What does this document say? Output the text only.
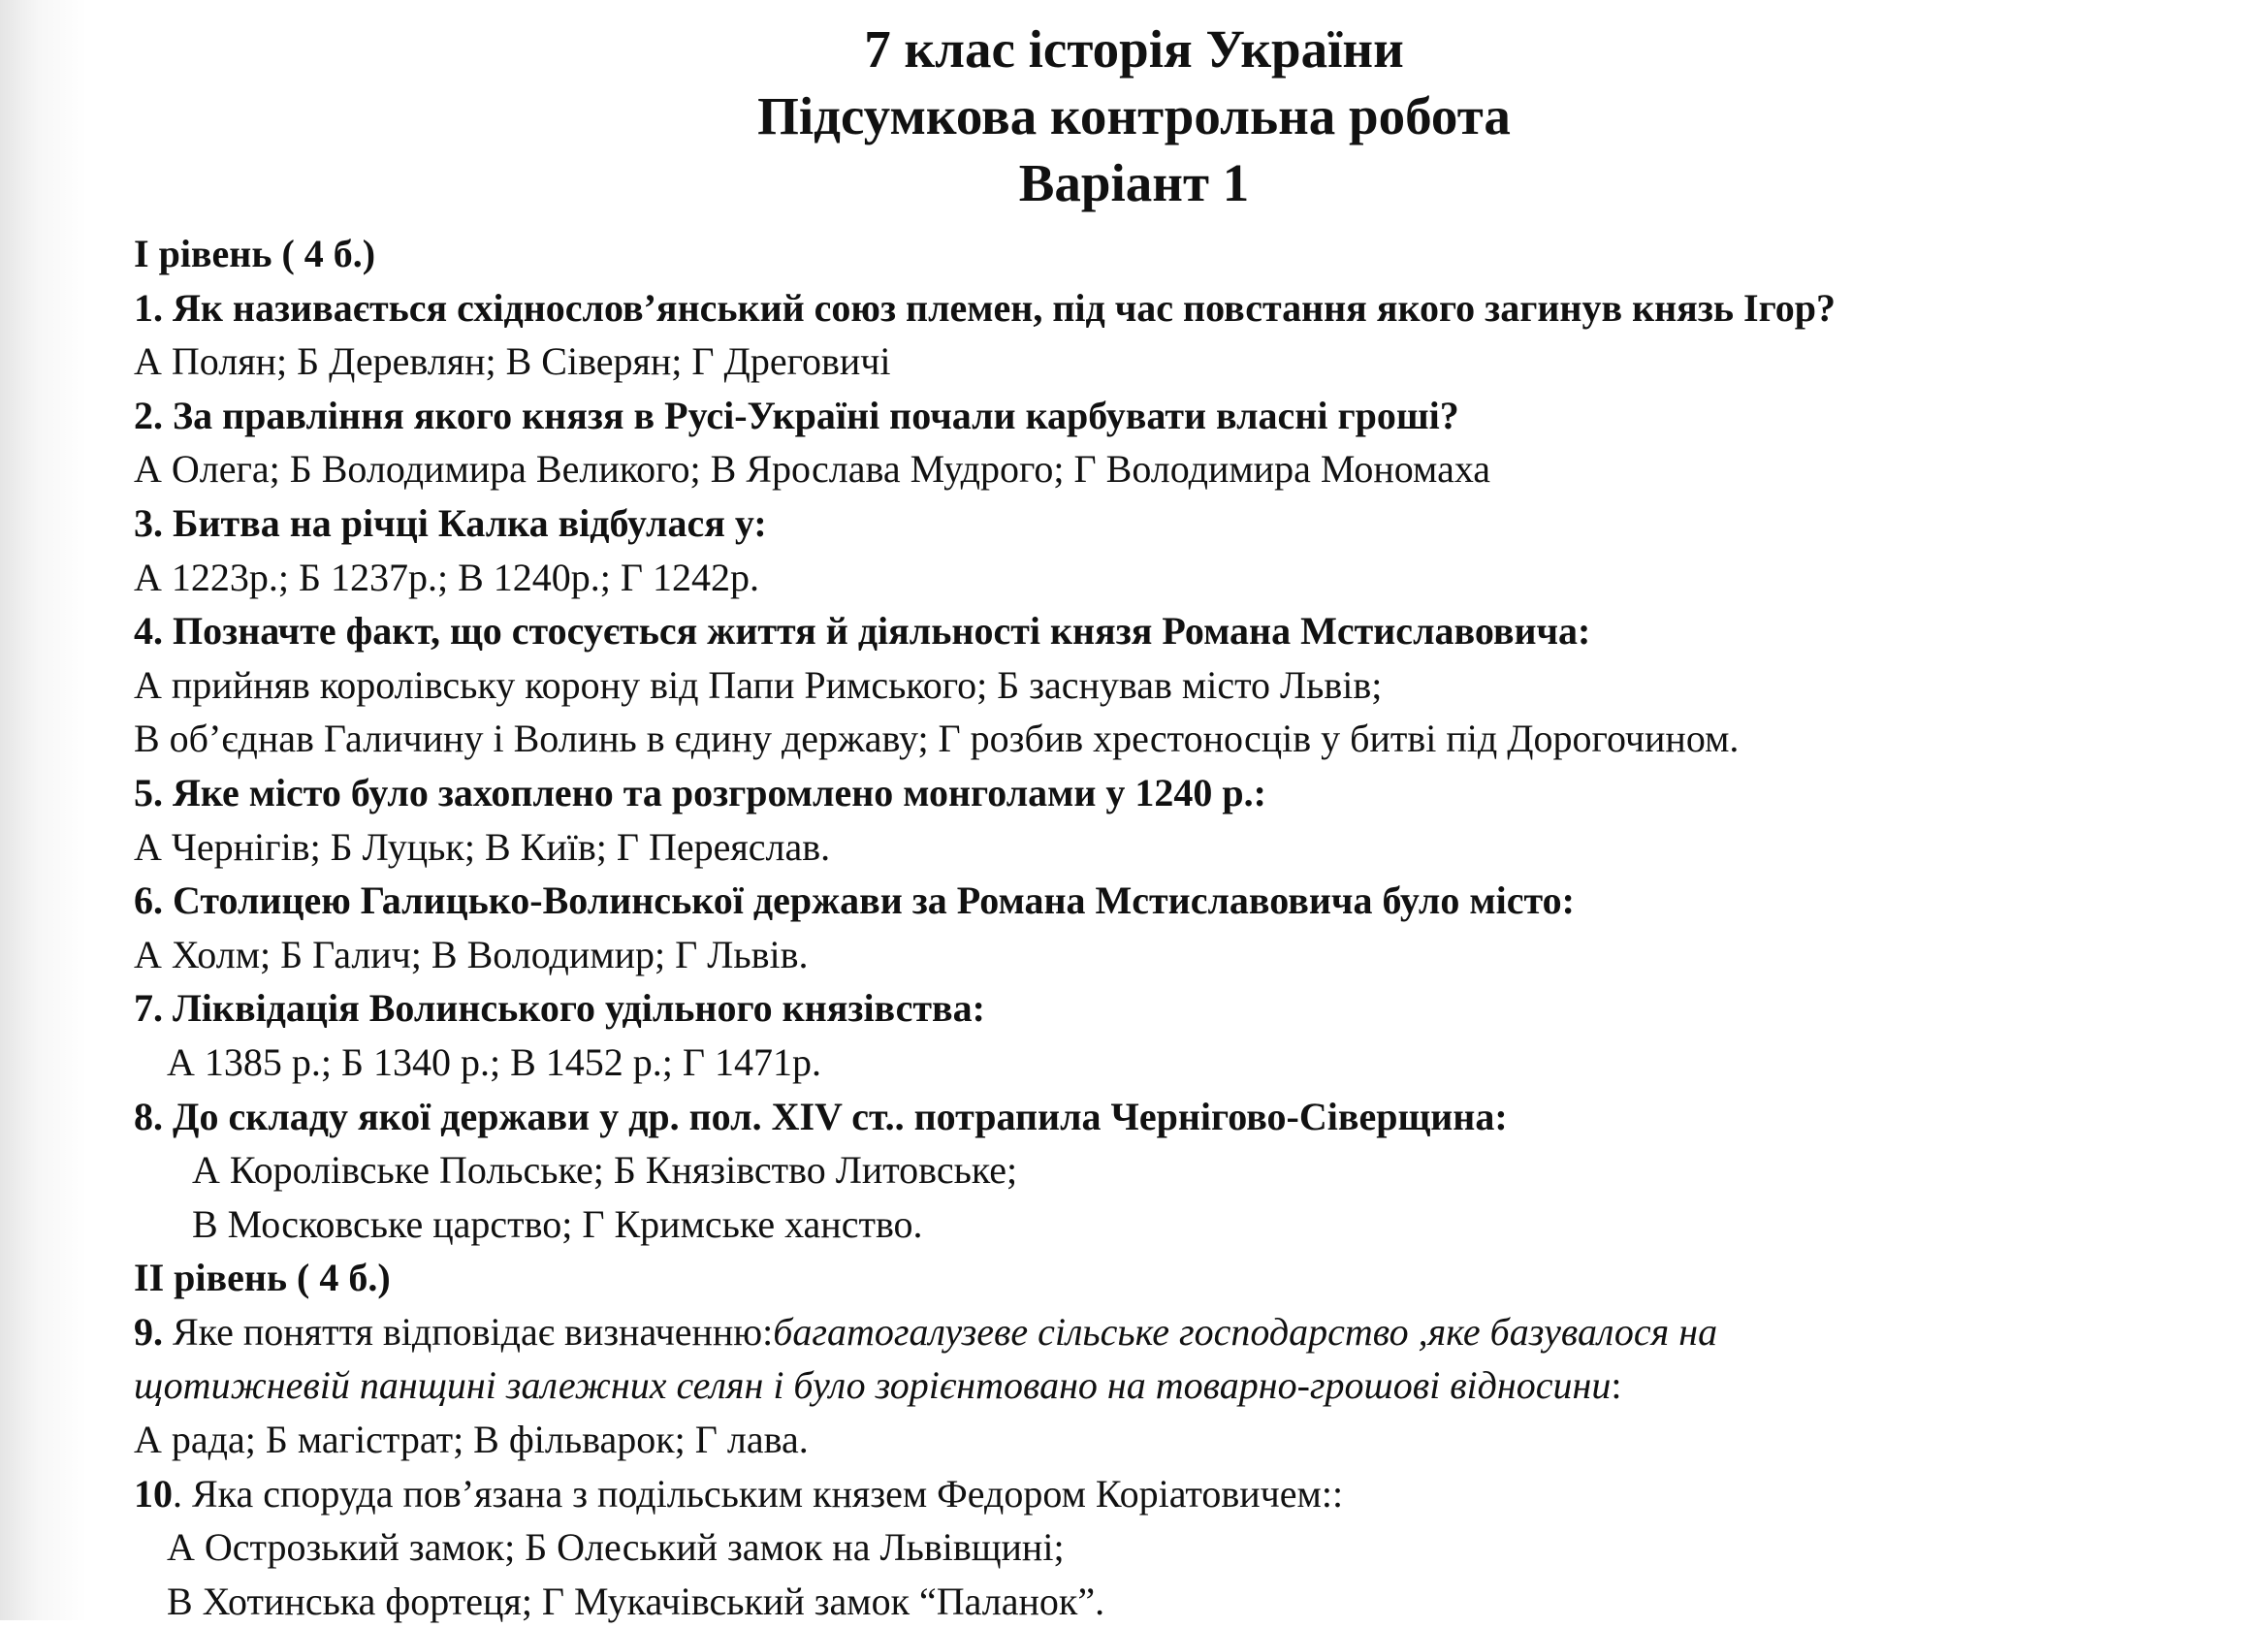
7 клас історія України
Підсумкова контрольна робота
Варіант 1
І рівень ( 4 б.)
1. Як називається східнослов’янський союз племен, під час повстання якого загинув князь Ігор?
А Полян; Б Деревлян; В Сіверян; Г Дреговичі
2. За правління якого князя в Русі-Україні почали карбувати власні гроші?
А Олега; Б Володимира Великого; В Ярослава Мудрого; Г Володимира Мономаха
3. Битва на річці Калка відбулася у:
А 1223р.; Б 1237р.; В 1240р.; Г 1242р.
4. Позначте факт, що стосується життя й діяльності князя Романа Мстиславовича:
А прийняв королівську корону від Папи Римського; Б заснував місто Львів;
В об’єднав Галичину і Волинь в єдину державу; Г розбив хрестоносців у битві під Дорогочином.
5. Яке місто було захоплено та розгромлено монголами у 1240 р.:
А Чернігів; Б Луцьк; В Київ; Г Переяслав.
6. Столицею Галицько-Волинської держави за Романа Мстиславовича було місто:
А Холм; Б Галич; В Володимир; Г Львів.
7. Ліквідація Волинського удільного князівства:
А 1385 р.; Б 1340 р.; В 1452 р.; Г 1471р.
8. До складу якої держави у др. пол. XIV ст.. потрапила Чернігово-Сіверщина:
А Королівське Польське; Б Князівство Литовське;
В Московське царство; Г Кримське ханство.
ІІ рівень ( 4 б.)
9. Яке поняття відповідає визначенню:багатогалузеве сільське господарство ,яке базувалося на
щотижневій панщині залежних селян і було зорієнтовано на товарно-грошові відносини:
А рада; Б магістрат; В фільварок; Г лава.
10. Яка споруда пов’язана з подільським князем Федором Коріатовичем::
А Острозький замок; Б Олеський замок на Львівщині;
В Хотинська фортеця; Г Мукачівський замок “Паланок”.
